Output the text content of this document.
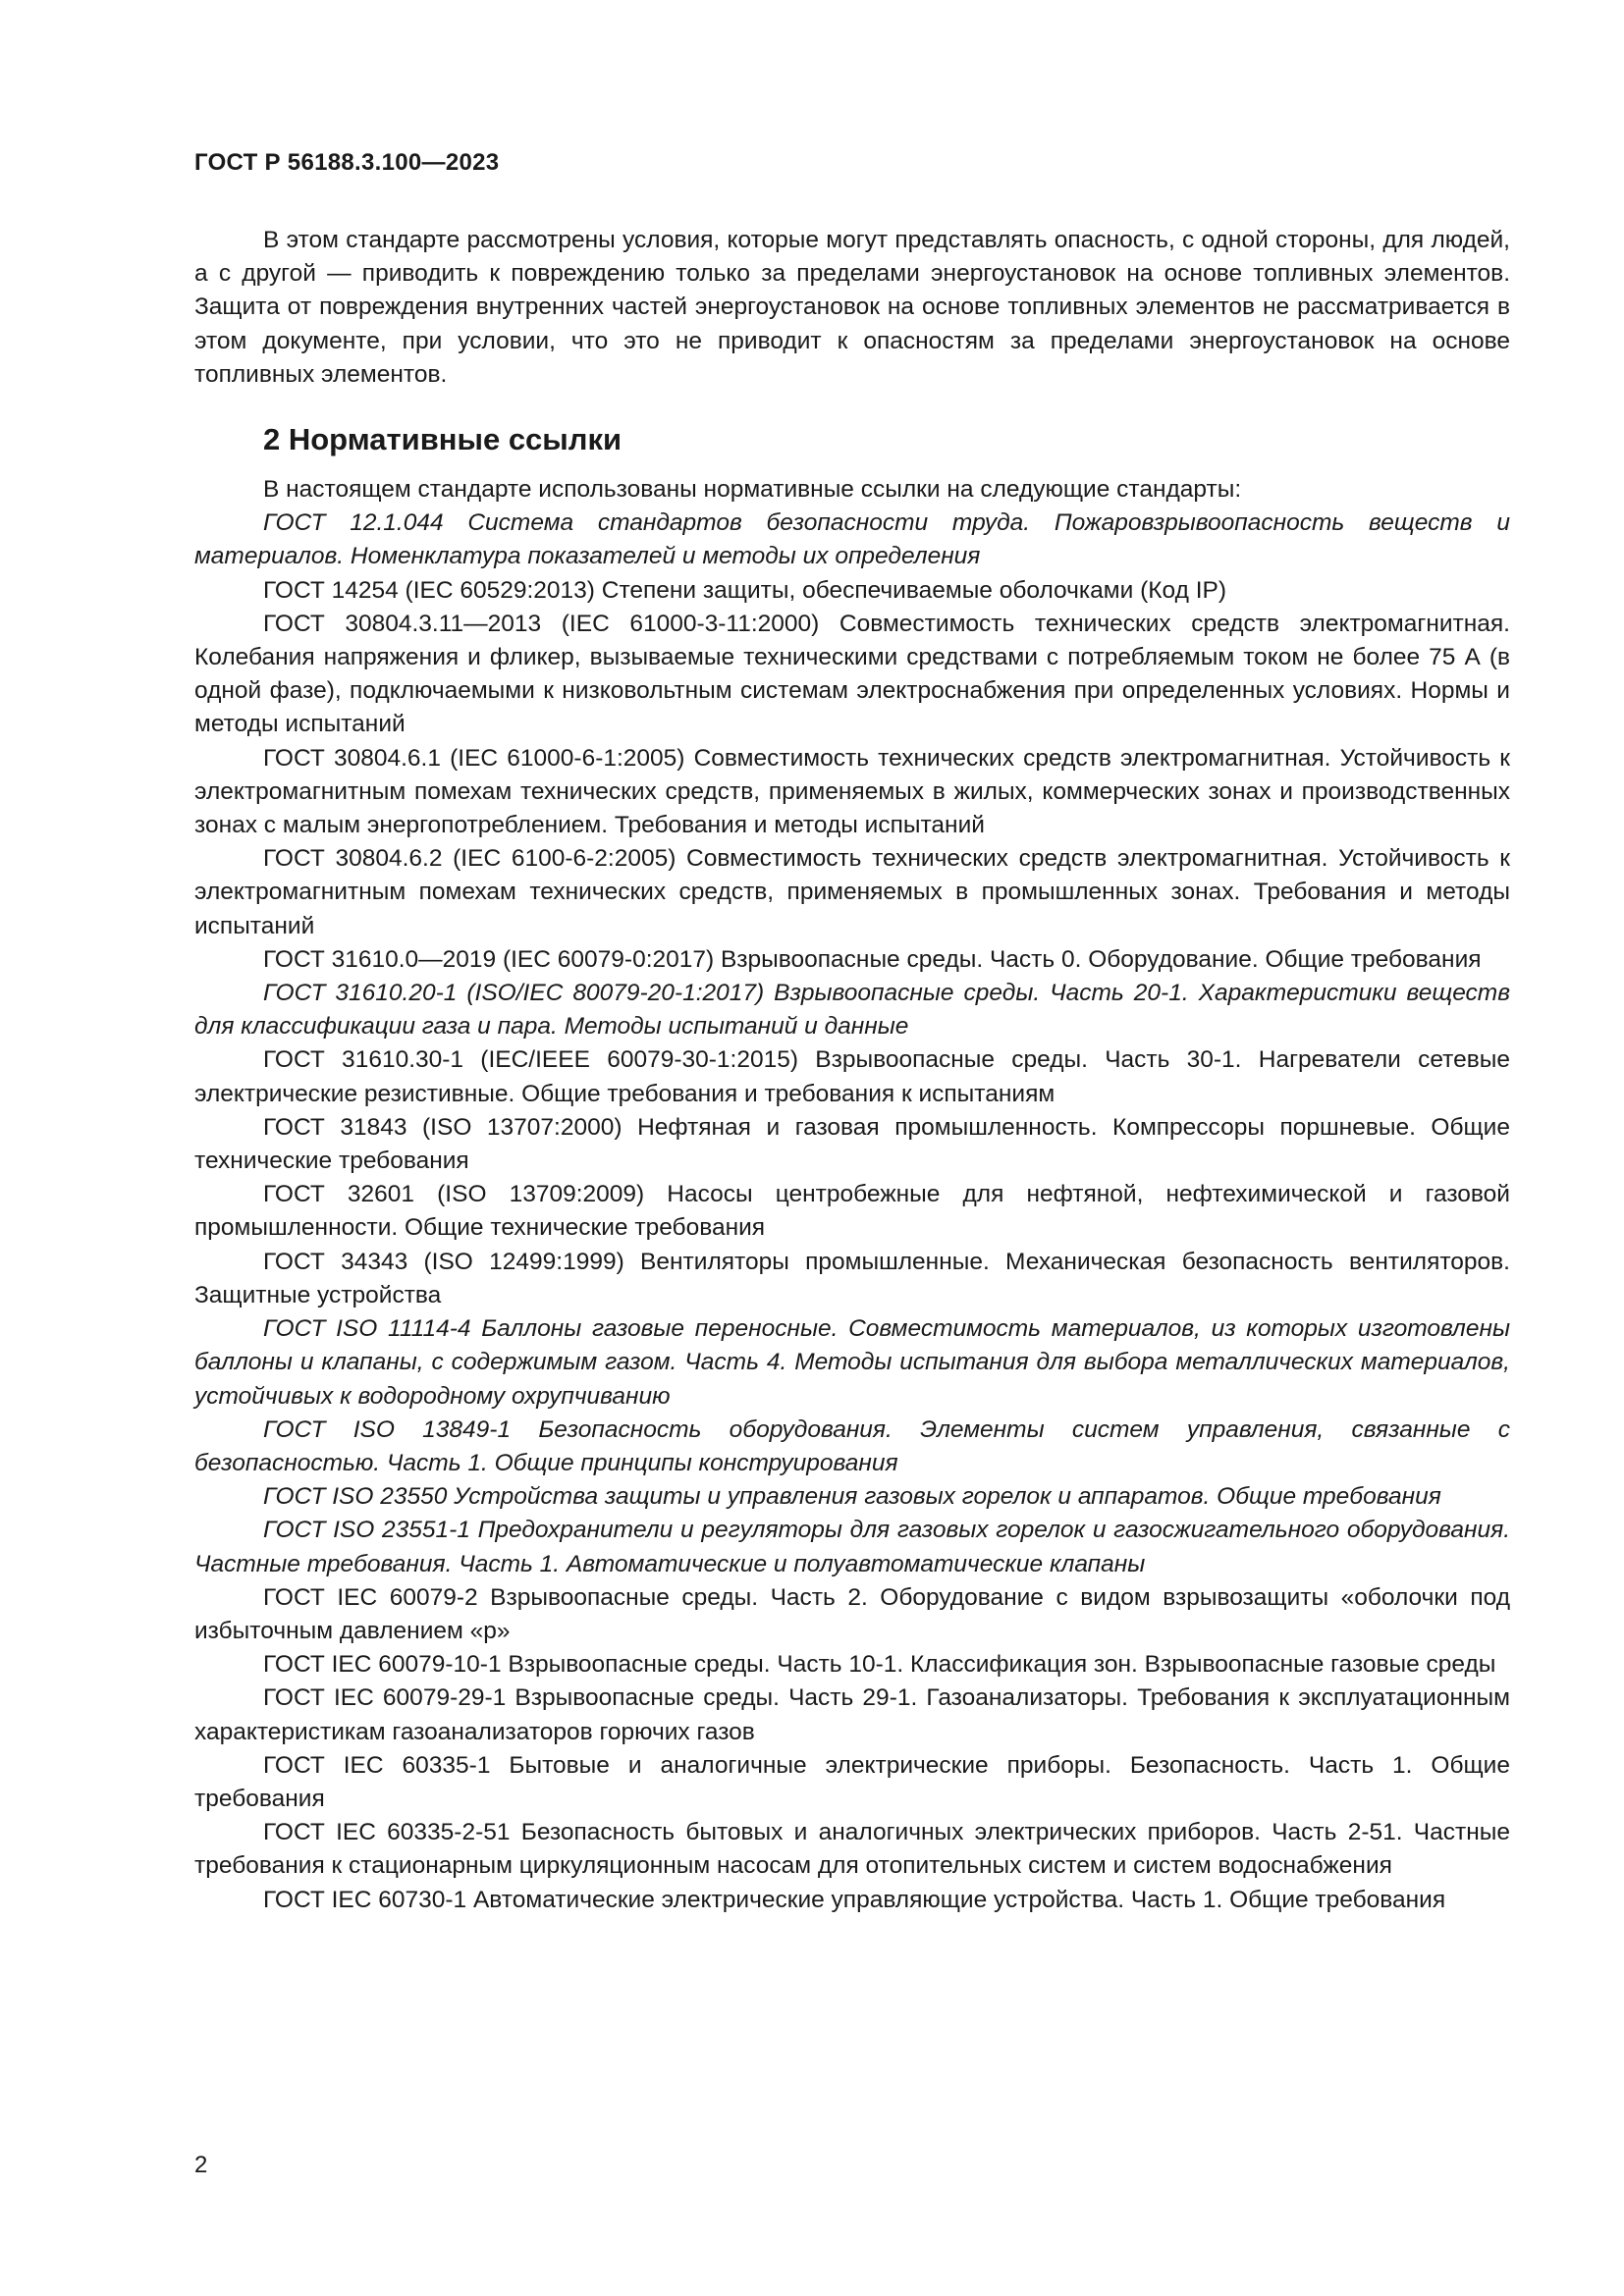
ГОСТ Р 56188.3.100—2023

В этом стандарте рассмотрены условия, которые могут представлять опасность, с одной стороны, для людей, а с другой — приводить к повреждению только за пределами энергоустановок на основе топливных элементов. Защита от повреждения внутренних частей энергоустановок на основе топливных элементов не рассматривается в этом документе, при условии, что это не приводит к опасностям за пределами энергоустановок на основе топливных элементов.

2 Нормативные ссылки

В настоящем стандарте использованы нормативные ссылки на следующие стандарты:

ГОСТ 12.1.044 Система стандартов безопасности труда. Пожаровзрывоопасность веществ и материалов. Номенклатура показателей и методы их определения

ГОСТ 14254 (IEC 60529:2013) Степени защиты, обеспечиваемые оболочками (Код IP)

ГОСТ 30804.3.11—2013 (IEC 61000-3-11:2000) Совместимость технических средств электромагнитная. Колебания напряжения и фликер, вызываемые техническими средствами с потребляемым током не более 75 А (в одной фазе), подключаемыми к низковольтным системам электроснабжения при определенных условиях. Нормы и методы испытаний

ГОСТ 30804.6.1 (IEC 61000-6-1:2005) Совместимость технических средств электромагнитная. Устойчивость к электромагнитным помехам технических средств, применяемых в жилых, коммерческих зонах и производственных зонах с малым энергопотреблением. Требования и методы испытаний

ГОСТ 30804.6.2 (IEC 6100-6-2:2005) Совместимость технических средств электромагнитная. Устойчивость к электромагнитным помехам технических средств, применяемых в промышленных зонах. Требования и методы испытаний

ГОСТ 31610.0—2019 (IEC 60079-0:2017) Взрывоопасные среды. Часть 0. Оборудование. Общие требования

ГОСТ 31610.20-1 (ISO/IEC 80079-20-1:2017) Взрывоопасные среды. Часть 20-1. Характеристики веществ для классификации газа и пара. Методы испытаний и данные

ГОСТ 31610.30-1 (IEC/IEEE 60079-30-1:2015) Взрывоопасные среды. Часть 30-1. Нагреватели сетевые электрические резистивные. Общие требования и требования к испытаниям

ГОСТ 31843 (ISO 13707:2000) Нефтяная и газовая промышленность. Компрессоры поршневые. Общие технические требования

ГОСТ 32601 (ISO 13709:2009) Насосы центробежные для нефтяной, нефтехимической и газовой промышленности. Общие технические требования

ГОСТ 34343 (ISO 12499:1999) Вентиляторы промышленные. Механическая безопасность вентиляторов. Защитные устройства

ГОСТ ISO 11114-4 Баллоны газовые переносные. Совместимость материалов, из которых изготовлены баллоны и клапаны, с содержимым газом. Часть 4. Методы испытания для выбора металлических материалов, устойчивых к водородному охрупчиванию

ГОСТ ISO 13849-1 Безопасность оборудования. Элементы систем управления, связанные с безопасностью. Часть 1. Общие принципы конструирования

ГОСТ ISO 23550 Устройства защиты и управления газовых горелок и аппаратов. Общие требования

ГОСТ ISO 23551-1 Предохранители и регуляторы для газовых горелок и газосжигательного оборудования. Частные требования. Часть 1. Автоматические и полуавтоматические клапаны

ГОСТ IEC 60079-2 Взрывоопасные среды. Часть 2. Оборудование с видом взрывозащиты «оболочки под избыточным давлением «p»

ГОСТ IEC 60079-10-1 Взрывоопасные среды. Часть 10-1. Классификация зон. Взрывоопасные газовые среды

ГОСТ IEC 60079-29-1 Взрывоопасные среды. Часть 29-1. Газоанализаторы. Требования к эксплуатационным характеристикам газоанализаторов горючих газов

ГОСТ IEC 60335-1 Бытовые и аналогичные электрические приборы. Безопасность. Часть 1. Общие требования

ГОСТ IEC 60335-2-51 Безопасность бытовых и аналогичных электрических приборов. Часть 2-51. Частные требования к стационарным циркуляционным насосам для отопительных систем и систем водоснабжения

ГОСТ IEC 60730-1 Автоматические электрические управляющие устройства. Часть 1. Общие требования

2
